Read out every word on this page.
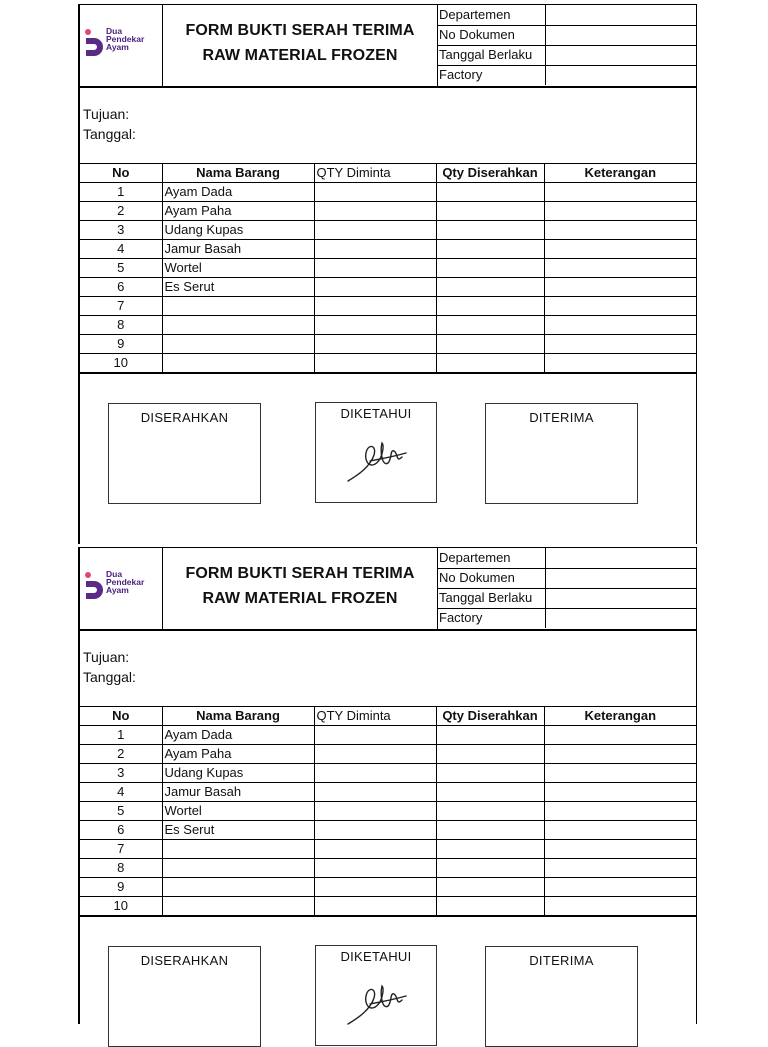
Dua
Pendekar
Ayam
FORM BUKTI SERAH TERIMA
RAW MATERIAL FROZEN
Departemen
No Dokumen
Tanggal Berlaku
Factory
Tujuan:
Tanggal:
No	Nama Barang	QTY Diminta	Qty Diserahkan	Keterangan
1	Ayam Dada			
2	Ayam Paha			
3	Udang Kupas			
4	Jamur Basah			
5	Wortel			
6	Es Serut			
7				
8				
9				
10				
DISERAHKAN	DIKETAHUI	DITERIMA
Dua
Pendekar
Ayam
FORM BUKTI SERAH TERIMA
RAW MATERIAL FROZEN
Departemen
No Dokumen
Tanggal Berlaku
Factory
Tujuan:
Tanggal:
No	Nama Barang	QTY Diminta	Qty Diserahkan	Keterangan
1	Ayam Dada			
2	Ayam Paha			
3	Udang Kupas			
4	Jamur Basah			
5	Wortel			
6	Es Serut			
7				
8				
9				
10				
DISERAHKAN	DIKETAHUI	DITERIMA
